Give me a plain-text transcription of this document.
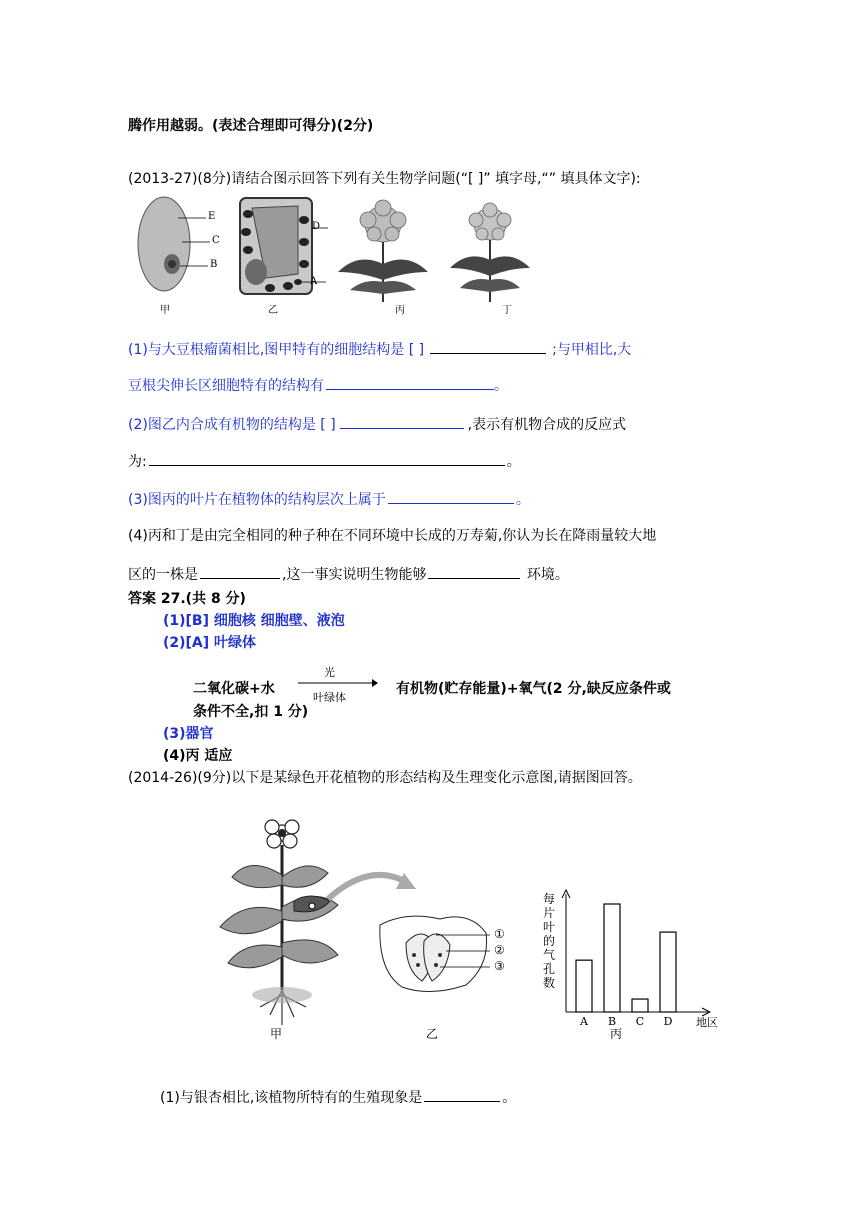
腾作用越弱。(表述合理即可得分)(2分)
(2013-27)(8分)请结合图示回答下列有关生物学问题(“[ ]” 填字母,“” 填具体文字):
E
C
B
D
A
甲	乙	丙	丁
(1)与大豆根瘤菌相比,图甲特有的细胞结构是 [ ]	;与甲相比,大
豆根尖伸长区细胞特有的结构有	。
(2)图乙内合成有机物的结构是 [ ]	,表示有机物合成的反应式
为:	。
(3)图丙的叶片在植物体的结构层次上属于	。
(4)丙和丁是由完全相同的种子种在不同环境中长成的万寿菊,你认为长在降雨量较大地
区的一株是	,这一事实说明生物能够	环境。
答案 27.(共 8 分)
(1)[B] 细胞核 细胞壁、液泡
(2)[A] 叶绿体
二氧化碳+水
光
叶绿体
有机物(贮存能量)+氧气(2 分,缺反应条件或
条件不全,扣 1 分)
(3)器官
(4)丙 适应
(2014-26)(9分)以下是某绿色开花植物的形态结构及生理变化示意图,请据图回答。
①
②
③
甲	乙	丙
A B C D 地区
每片叶的气孔数
(1)与银杏相比,该植物所特有的生殖现象是	。
